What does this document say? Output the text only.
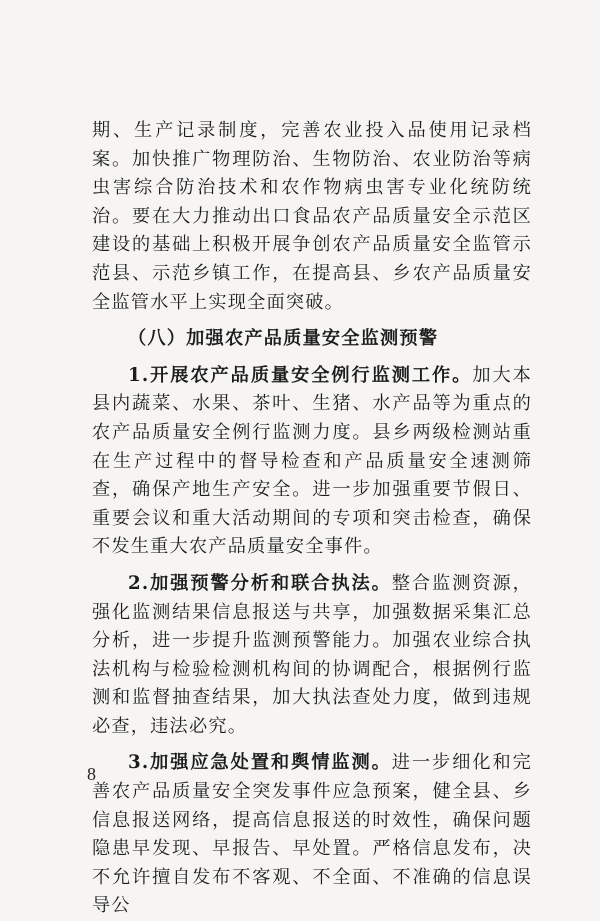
期、生产记录制度，完善农业投入品使用记录档案。加快推广物理防治、生物防治、农业防治等病虫害综合防治技术和农作物病虫害专业化统防统治。要在大力推动出口食品农产品质量安全示范区建设的基础上积极开展争创农产品质量安全监管示范县、示范乡镇工作，在提高县、乡农产品质量安全监管水平上实现全面突破。

（八）加强农产品质量安全监测预警

1.开展农产品质量安全例行监测工作。加大本县内蔬菜、水果、茶叶、生猪、水产品等为重点的农产品质量安全例行监测力度。县乡两级检测站重在生产过程中的督导检查和产品质量安全速测筛查，确保产地生产安全。进一步加强重要节假日、重要会议和重大活动期间的专项和突击检查，确保不发生重大农产品质量安全事件。

2.加强预警分析和联合执法。整合监测资源，强化监测结果信息报送与共享，加强数据采集汇总分析，进一步提升监测预警能力。加强农业综合执法机构与检验检测机构间的协调配合，根据例行监测和监督抽查结果，加大执法查处力度，做到违规必查，违法必究。

3.加强应急处置和舆情监测。进一步细化和完善农产品质量安全突发事件应急预案，健全县、乡信息报送网络，提高信息报送的时效性，确保问题隐患早发现、早报告、早处置。严格信息发布，决不允许擅自发布不客观、不全面、不准确的信息误导公

8
